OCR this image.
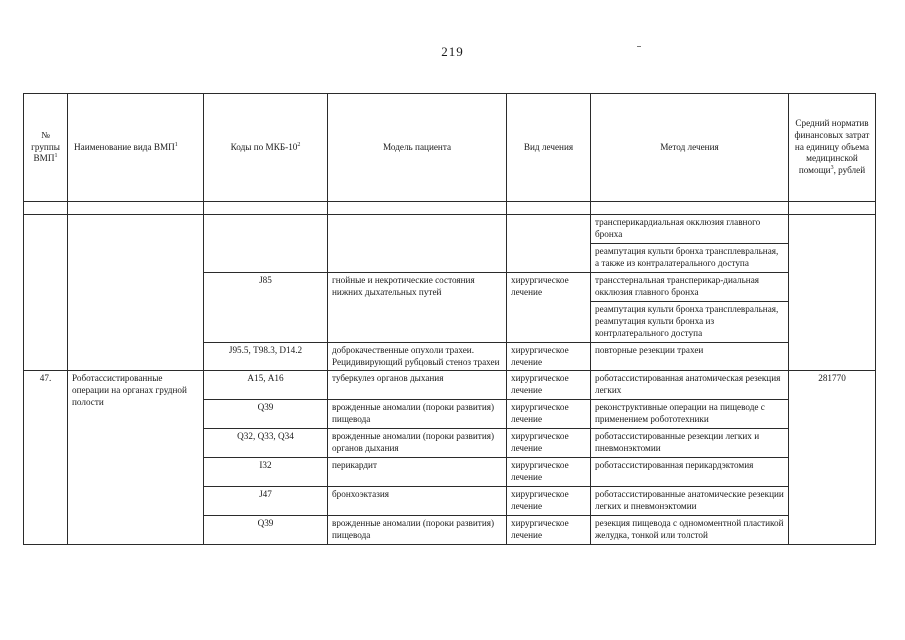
219
№ группы ВМП$^1$	Наименование вида ВМП$^1$	Коды по МКБ-$10^2$	Модель пациента	Вид лечения	Метод лечения	Средний норматив финансовых затрат на единицу объема медицинской помощи$^3$, рублей

					трансперикардиальная окклюзия главного бронха	
					реампутация культи бронха трансплевральная, а также из контралатерального доступа	
		J85	гнойные и некротические состояния нижних дыхательных путей	хирургическое лечение	трансстернальная трансперикар-диальная окклюзия главного бронха	
					реампутация культи бронха трансплевральная, реампутация культи бронха из контрлатерального доступа	
		J95.5, Т98.3, D14.2	доброкачественные опухоли трахеи. Рецидивирующий рубцовый стеноз трахеи	хирургическое лечение	повторные резекции трахеи	
47.	Роботассистированные операции на органах грудной полости	А15, А16	туберкулез органов дыхания	хирургическое лечение	роботассистированная анатомическая резекция легких	281770
		Q39	врожденные аномалии (пороки развития) пищевода	хирургическое лечение	реконструктивные операции на пищеводе с применением робототехники	
		Q32, Q33, Q34	врожденные аномалии (пороки развития) органов дыхания	хирургическое лечение	роботассистированные резекции легких и пневмонэктомии	
		I32	перикардит	хирургическое лечение	роботассистированная перикардэктомия	
		J47	бронхоэктазия	хирургическое лечение	роботассистированные анатомические резекции легких и пневмонэктомии	
		Q39	врожденные аномалии (пороки развития) пищевода	хирургическое лечение	резекция пищевода с одномоментной пластикой желудка, тонкой или толстой	
